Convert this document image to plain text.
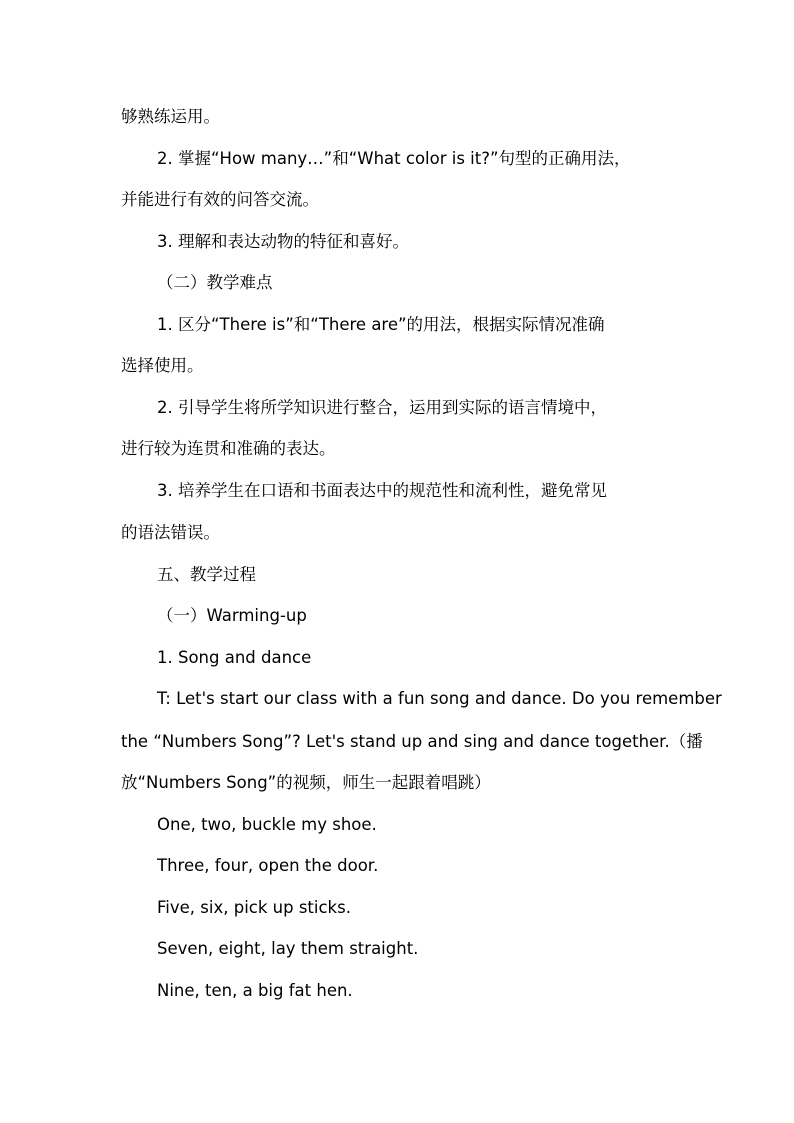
够熟练运用。
2. 掌握“How many…”和“What color is it?”句型的正确用法，
并能进行有效的问答交流。
3. 理解和表达动物的特征和喜好。
（二）教学难点
1. 区分“There is”和“There are”的用法，根据实际情况准确
选择使用。
2. 引导学生将所学知识进行整合，运用到实际的语言情境中，
进行较为连贯和准确的表达。
3. 培养学生在口语和书面表达中的规范性和流利性，避免常见
的语法错误。
五、教学过程
（一）Warming-up
1. Song and dance
T: Let's start our class with a fun song and dance. Do you remember
the “Numbers Song”? Let's stand up and sing and dance together.（播
放“Numbers Song”的视频，师生一起跟着唱跳）
One, two, buckle my shoe.
Three, four, open the door.
Five, six, pick up sticks.
Seven, eight, lay them straight.
Nine, ten, a big fat hen.
